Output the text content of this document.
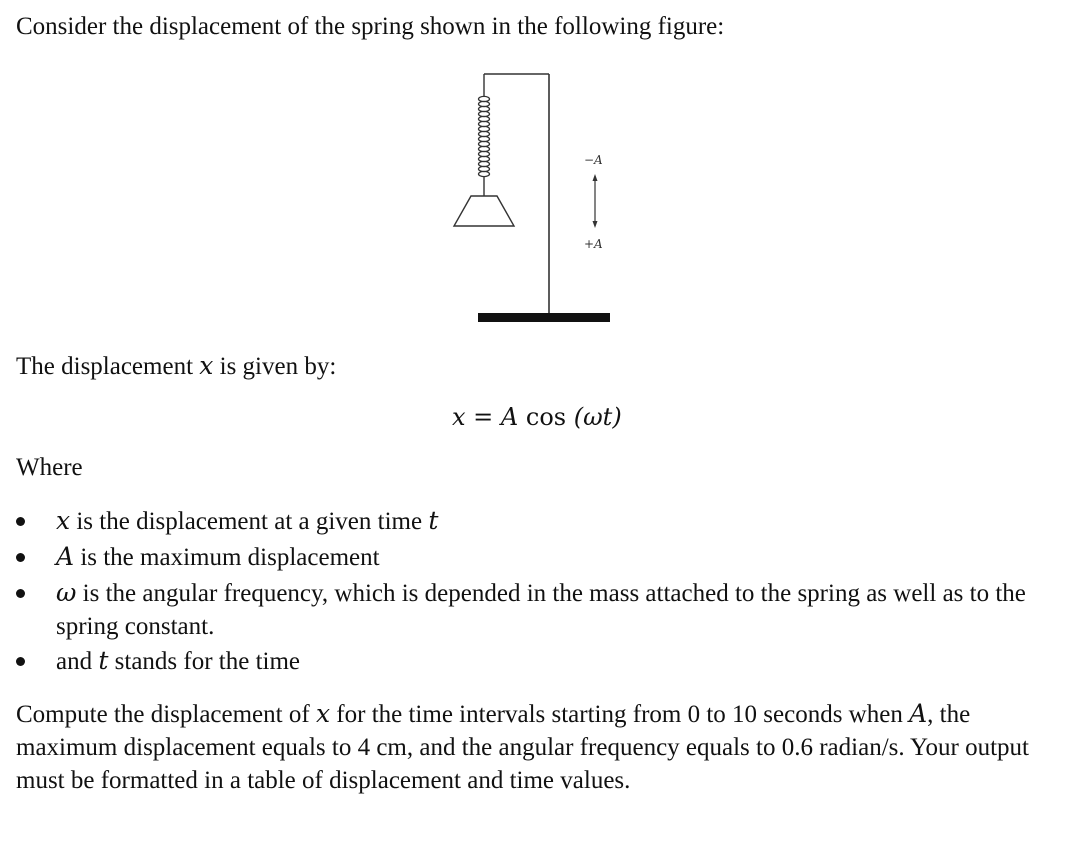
Consider the displacement of the spring shown in the following figure:

−A
+A

The displacement x is given by:

x = A cos (ωt)

Where

x is the displacement at a given time t
A is the maximum displacement
ω is the angular frequency, which is depended in the mass attached to the spring as well as to the spring constant.
and t stands for the time

Compute the displacement of x for the time intervals starting from 0 to 10 seconds when A, the maximum displacement equals to 4 cm, and the angular frequency equals to 0.6 radian/s. Your output must be formatted in a table of displacement and time values.
